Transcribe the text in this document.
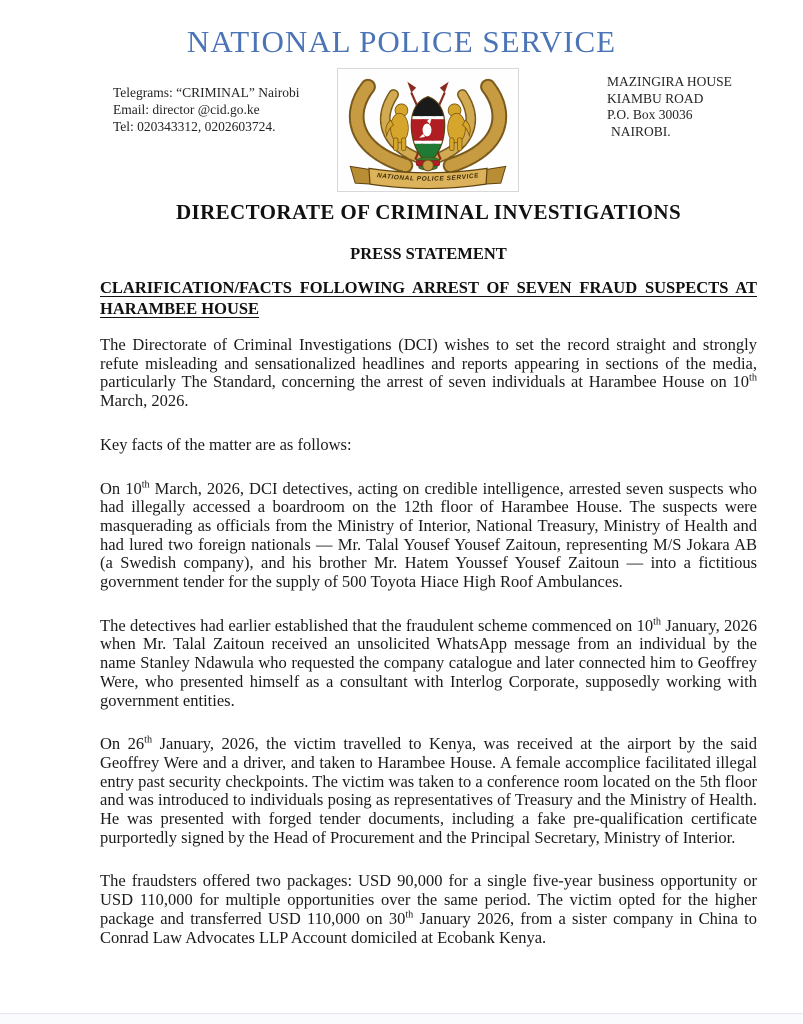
NATIONAL POLICE SERVICE
Telegrams: “CRIMINAL” Nairobi
Email: director @cid.go.ke
Tel: 020343312, 0202603724.
NATIONAL POLICE SERVICE
MAZINGIRA HOUSE
KIAMBU ROAD
P.O. Box 30036
NAIROBI.
DIRECTORATE OF CRIMINAL INVESTIGATIONS
PRESS STATEMENT
CLARIFICATION/FACTS FOLLOWING ARREST OF SEVEN FRAUD SUSPECTS AT
HARAMBEE HOUSE

The Directorate of Criminal Investigations (DCI) wishes to set the record straight and strongly refute misleading and sensationalized headlines and reports appearing in sections of the media, particularly The Standard, concerning the arrest of seven individuals at Harambee House on 10th March, 2026.

Key facts of the matter are as follows:

On 10th March, 2026, DCI detectives, acting on credible intelligence, arrested seven suspects who had illegally accessed a boardroom on the 12th floor of Harambee House. The suspects were masquerading as officials from the Ministry of Interior, National Treasury, Ministry of Health and had lured two foreign nationals — Mr. Talal Yousef Yousef Zaitoun, representing M/S Jokara AB (a Swedish company), and his brother Mr. Hatem Youssef Yousef Zaitoun — into a fictitious government tender for the supply of 500 Toyota Hiace High Roof Ambulances.

The detectives had earlier established that the fraudulent scheme commenced on 10th January, 2026 when Mr. Talal Zaitoun received an unsolicited WhatsApp message from an individual by the name Stanley Ndawula who requested the company catalogue and later connected him to Geoffrey Were, who presented himself as a consultant with Interlog Corporate, supposedly working with government entities.

On 26th January, 2026, the victim travelled to Kenya, was received at the airport by the said Geoffrey Were and a driver, and taken to Harambee House. A female accomplice facilitated illegal entry past security checkpoints. The victim was taken to a conference room located on the 5th floor and was introduced to individuals posing as representatives of Treasury and the Ministry of Health. He was presented with forged tender documents, including a fake pre-qualification certificate purportedly signed by the Head of Procurement and the Principal Secretary, Ministry of Interior.

The fraudsters offered two packages: USD 90,000 for a single five-year business opportunity or USD 110,000 for multiple opportunities over the same period. The victim opted for the higher package and transferred USD 110,000 on 30th January 2026, from a sister company in China to Conrad Law Advocates LLP Account domiciled at Ecobank Kenya.
